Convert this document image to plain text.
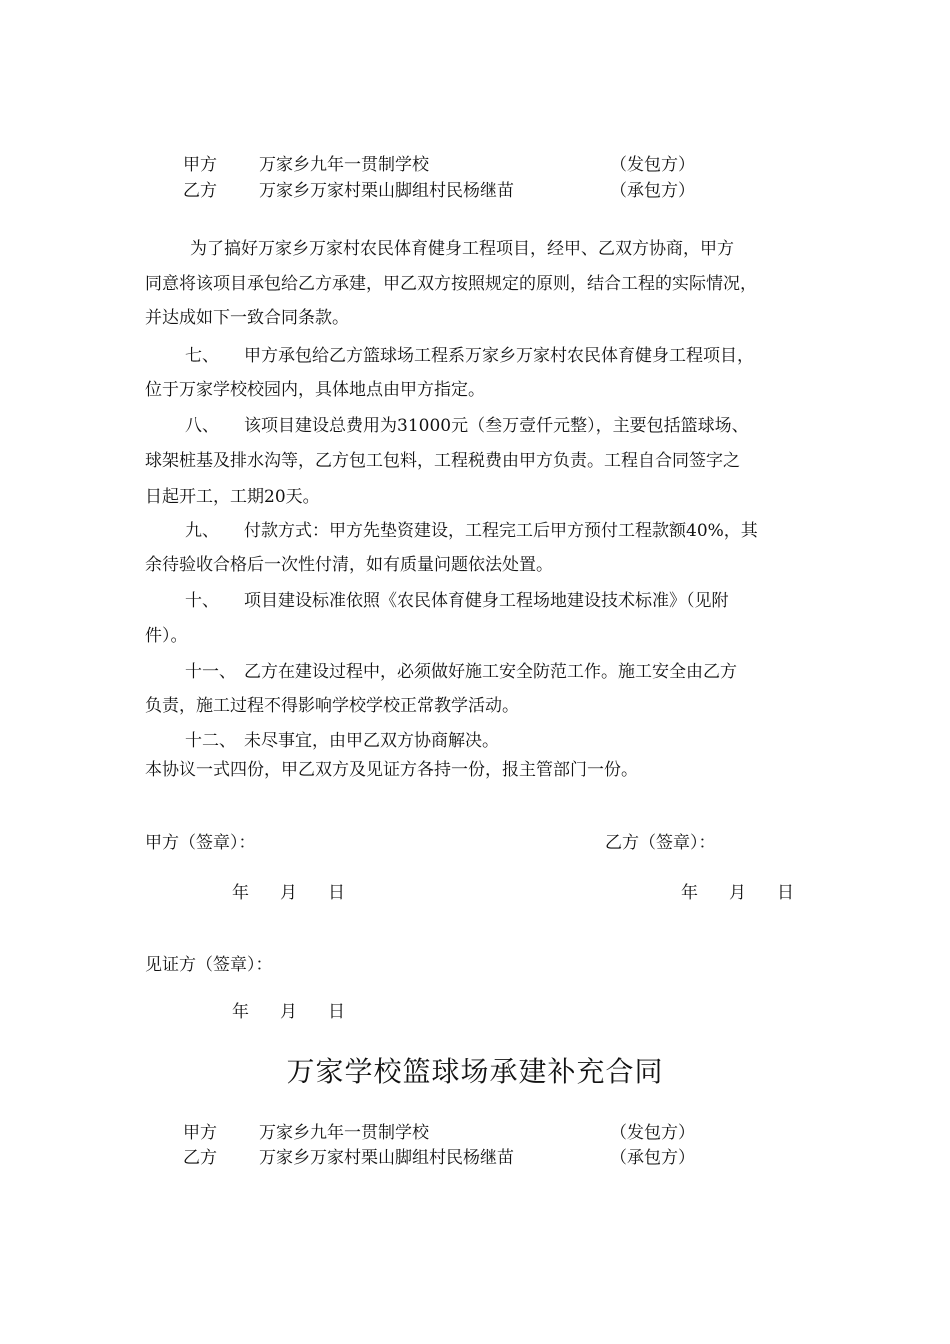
甲方 万家乡九年一贯制学校	（发包方）
乙方 万家乡万家村栗山脚组村民杨继苗	（承包方）
为了搞好万家乡万家村农民体育健身工程项目，经甲、乙双方协商，甲方
同意将该项目承包给乙方承建，甲乙双方按照规定的原则，结合工程的实际情况，
并达成如下一致合同条款。
七、 甲方承包给乙方篮球场工程系万家乡万家村农民体育健身工程项目，
位于万家学校校园内，具体地点由甲方指定。
八、 该项目建设总费用为31000元（叁万壹仟元整），主要包括篮球场、
球架桩基及排水沟等，乙方包工包料，工程税费由甲方负责。工程自合同签字之
日起开工，工期20天。
九、 付款方式：甲方先垫资建设，工程完工后甲方预付工程款额40%，其
余待验收合格后一次性付清，如有质量问题依法处置。
十、 项目建设标准依照《农民体育健身工程场地建设技术标准》（见附
件）。
十一、 乙方在建设过程中，必须做好施工安全防范工作。施工安全由乙方
负责，施工过程不得影响学校学校正常教学活动。
十二、 未尽事宜，由甲乙双方协商解决。
本协议一式四份，甲乙双方及见证方各持一份，报主管部门一份。
甲方（签章）：	乙方（签章）：
年 月 日	年 月 日
见证方（签章）：
年 月 日
万家学校篮球场承建补充合同
甲方 万家乡九年一贯制学校	（发包方）
乙方 万家乡万家村栗山脚组村民杨继苗	（承包方）
